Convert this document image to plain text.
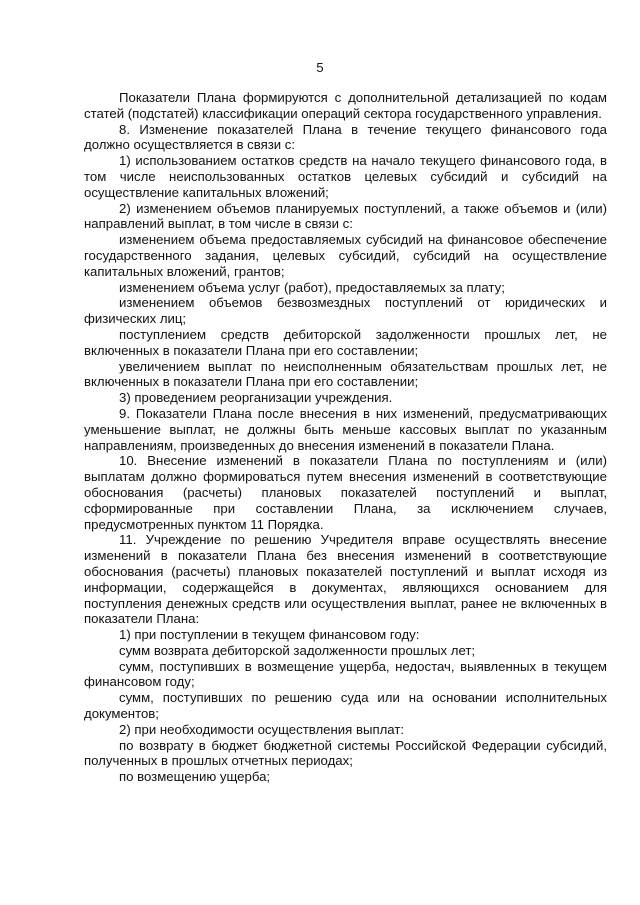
5

Показатели Плана формируются с дополнительной детализацией по кодам статей (подстатей) классификации операций сектора государственного управления.

8. Изменение показателей Плана в течение текущего финансового года должно осуществляется в связи с:

1) использованием остатков средств на начало текущего финансового года, в том числе неиспользованных остатков целевых субсидий и субсидий на осуществление капитальных вложений;

2) изменением объемов планируемых поступлений, а также объемов и (или) направлений выплат, в том числе в связи с:

изменением объема предоставляемых субсидий на финансовое обеспечение государственного задания, целевых субсидий, субсидий на осуществление капитальных вложений, грантов;

изменением объема услуг (работ), предоставляемых за плату;

изменением объемов безвозмездных поступлений от юридических и физических лиц;

поступлением средств дебиторской задолженности прошлых лет, не включенных в показатели Плана при его составлении;

увеличением выплат по неисполненным обязательствам прошлых лет, не включенных в показатели Плана при его составлении;

3) проведением реорганизации учреждения.

9. Показатели Плана после внесения в них изменений, предусматривающих уменьшение выплат, не должны быть меньше кассовых выплат по указанным направлениям, произведенных до внесения изменений в показатели Плана.

10. Внесение изменений в показатели Плана по поступлениям и (или) выплатам должно формироваться путем внесения изменений в соответствующие обоснования (расчеты) плановых показателей поступлений и выплат, сформированные при составлении Плана, за исключением случаев, предусмотренных пунктом 11 Порядка.

11. Учреждение по решению Учредителя вправе осуществлять внесение изменений в показатели Плана без внесения изменений в соответствующие обоснования (расчеты) плановых показателей поступлений и выплат исходя из информации, содержащейся в документах, являющихся основанием для поступления денежных средств или осуществления выплат, ранее не включенных в показатели Плана:

1) при поступлении в текущем финансовом году:

сумм возврата дебиторской задолженности прошлых лет;

сумм, поступивших в возмещение ущерба, недостач, выявленных в текущем финансовом году;

сумм, поступивших по решению суда или на основании исполнительных документов;

2) при необходимости осуществления выплат:

по возврату в бюджет бюджетной системы Российской Федерации субсидий, полученных в прошлых отчетных периодах;

по возмещению ущерба;
